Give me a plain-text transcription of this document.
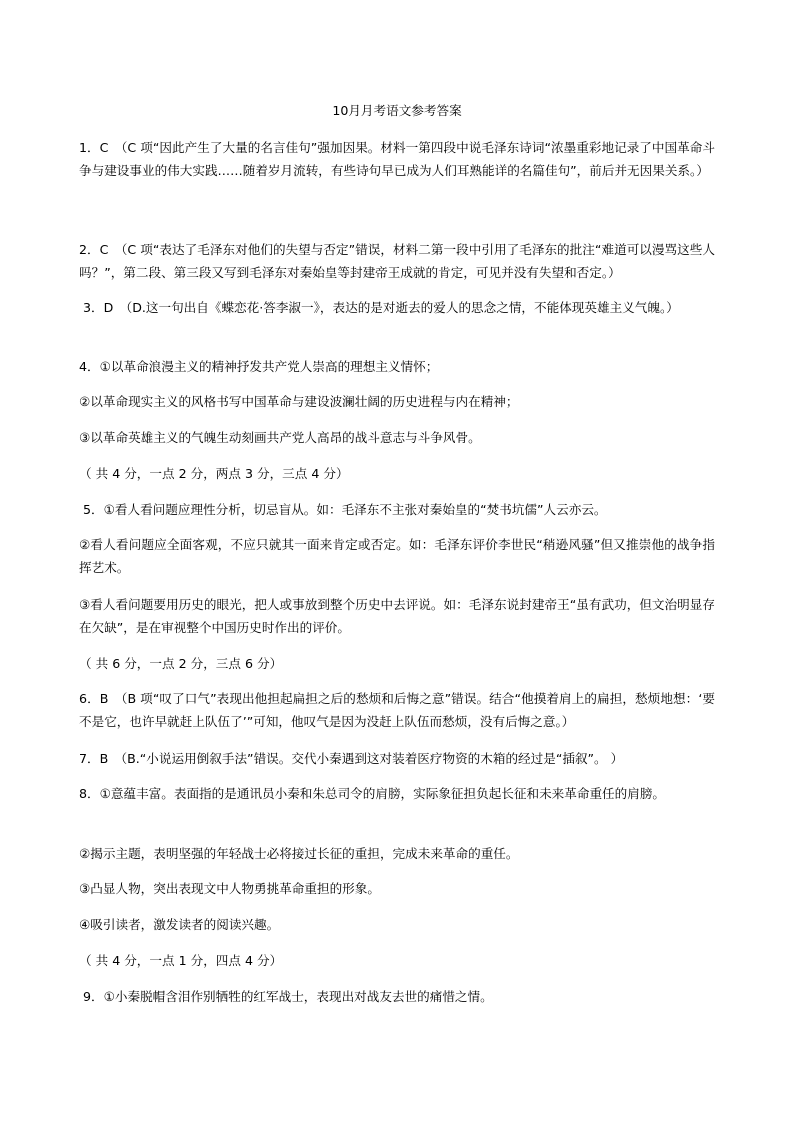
10月月考语文参考答案
1．C　（C 项“因此产生了大量的名言佳句”强加因果。材料一第四段中说毛泽东诗词“浓墨重彩地记录了中国革命斗争与建设事业的伟大实践……随着岁月流转，有些诗句早已成为人们耳熟能详的名篇佳句”，前后并无因果关系。）
2．C　（C 项“表达了毛泽东对他们的失望与否定”错误，材料二第一段中引用了毛泽东的批注“难道可以漫骂这些人吗？”，第二段、第三段又写到毛泽东对秦始皇等封建帝王成就的肯定，可见并没有失望和否定。）
3．D　（D.这一句出自《蝶恋花·答李淑一》，表达的是对逝去的爱人的思念之情，不能体现英雄主义气魄。）
4．①以革命浪漫主义的精神抒发共产党人崇高的理想主义情怀；
②以革命现实主义的风格书写中国革命与建设波澜壮阔的历史进程与内在精神；
③以革命英雄主义的气魄生动刻画共产党人高昂的战斗意志与斗争风骨。
（ 共 4 分，一点 2 分，两点 3 分，三点 4 分）
5．①看人看问题应理性分析，切忌盲从。如：毛泽东不主张对秦始皇的“焚书坑儒”人云亦云。
②看人看问题应全面客观，不应只就其一面来肯定或否定。如：毛泽东评价李世民“稍逊风骚”但又推崇他的战争指挥艺术。
③看人看问题要用历史的眼光，把人或事放到整个历史中去评说。如：毛泽东说封建帝王“虽有武功，但文治明显存在欠缺”，是在审视整个中国历史时作出的评价。
（ 共 6 分，一点 2 分，三点 6 分）
6．B　（B 项“叹了口气”表现出他担起扁担之后的愁烦和后悔之意”错误。结合“他摸着肩上的扁担，愁烦地想：‘要不是它，也许早就赶上队伍了’”可知，他叹气是因为没赶上队伍而愁烦，没有后悔之意。）
7．B　（B.“小说运用倒叙手法”错误。交代小秦遇到这对装着医疗物资的木箱的经过是“插叙”。 ）
8．①意蕴丰富。表面指的是通讯员小秦和朱总司令的肩膀，实际象征担负起长征和未来革命重任的肩膀。
②揭示主题，表明坚强的年轻战士必将接过长征的重担，完成未来革命的重任。
③凸显人物，突出表现文中人物勇挑革命重担的形象。
④吸引读者，激发读者的阅读兴趣。
（ 共 4 分，一点 1 分，四点 4 分）
9．①小秦脱帽含泪作别牺牲的红军战士，表现出对战友去世的痛惜之情。
